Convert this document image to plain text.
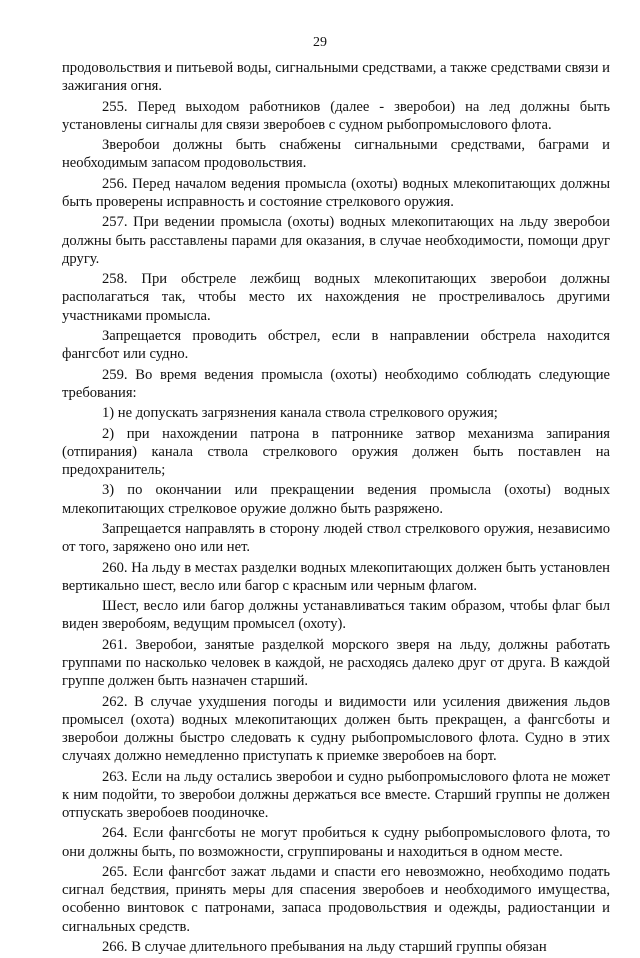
29

продовольствия и питьевой воды, сигнальными средствами, а также средствами связи и зажигания огня.

255. Перед выходом работников (далее - зверобои) на лед должны быть установлены сигналы для связи зверобоев с судном рыбопромыслового флота.

Зверобои должны быть снабжены сигнальными средствами, баграми и необходимым запасом продовольствия.

256. Перед началом ведения промысла (охоты) водных млекопитающих должны быть проверены исправность и состояние стрелкового оружия.

257. При ведении промысла (охоты) водных млекопитающих на льду зверобои должны быть расставлены парами для оказания, в случае необходимости, помощи друг другу.

258. При обстреле лежбищ водных млекопитающих зверобои должны располагаться так, чтобы место их нахождения не простреливалось другими участниками промысла.

Запрещается проводить обстрел, если в направлении обстрела находится фангсбот или судно.

259. Во время ведения промысла (охоты) необходимо соблюдать следующие требования:

1) не допускать загрязнения канала ствола стрелкового оружия;

2) при нахождении патрона в патроннике затвор механизма запирания (отпирания) канала ствола стрелкового оружия должен быть поставлен на предохранитель;

3) по окончании или прекращении ведения промысла (охоты) водных млекопитающих стрелковое оружие должно быть разряжено.

Запрещается направлять в сторону людей ствол стрелкового оружия, независимо от того, заряжено оно или нет.

260. На льду в местах разделки водных млекопитающих должен быть установлен вертикально шест, весло или багор с красным или черным флагом.

Шест, весло или багор должны устанавливаться таким образом, чтобы флаг был виден зверобоям, ведущим промысел (охоту).

261. Зверобои, занятые разделкой морского зверя на льду, должны работать группами по насколько человек в каждой, не расходясь далеко друг от друга. В каждой группе должен быть назначен старший.

262. В случае ухудшения погоды и видимости или усиления движения льдов промысел (охота) водных млекопитающих должен быть прекращен, а фангсботы и зверобои должны быстро следовать к судну рыбопромыслового флота. Судно в этих случаях должно немедленно приступать к приемке зверобоев на борт.

263. Если на льду остались зверобои и судно рыбопромыслового флота не может к ним подойти, то зверобои должны держаться все вместе. Старший группы не должен отпускать зверобоев поодиночке.

264. Если фангсботы не могут пробиться к судну рыбопромыслового флота, то они должны быть, по возможности, сгруппированы и находиться в одном месте.

265. Если фангсбот зажат льдами и спасти его невозможно, необходимо подать сигнал бедствия, принять меры для спасения зверобоев и необходимого имущества, особенно винтовок с патронами, запаса продовольствия и одежды, радиостанции и сигнальных средств.

266. В случае длительного пребывания на льду старший группы обязан
